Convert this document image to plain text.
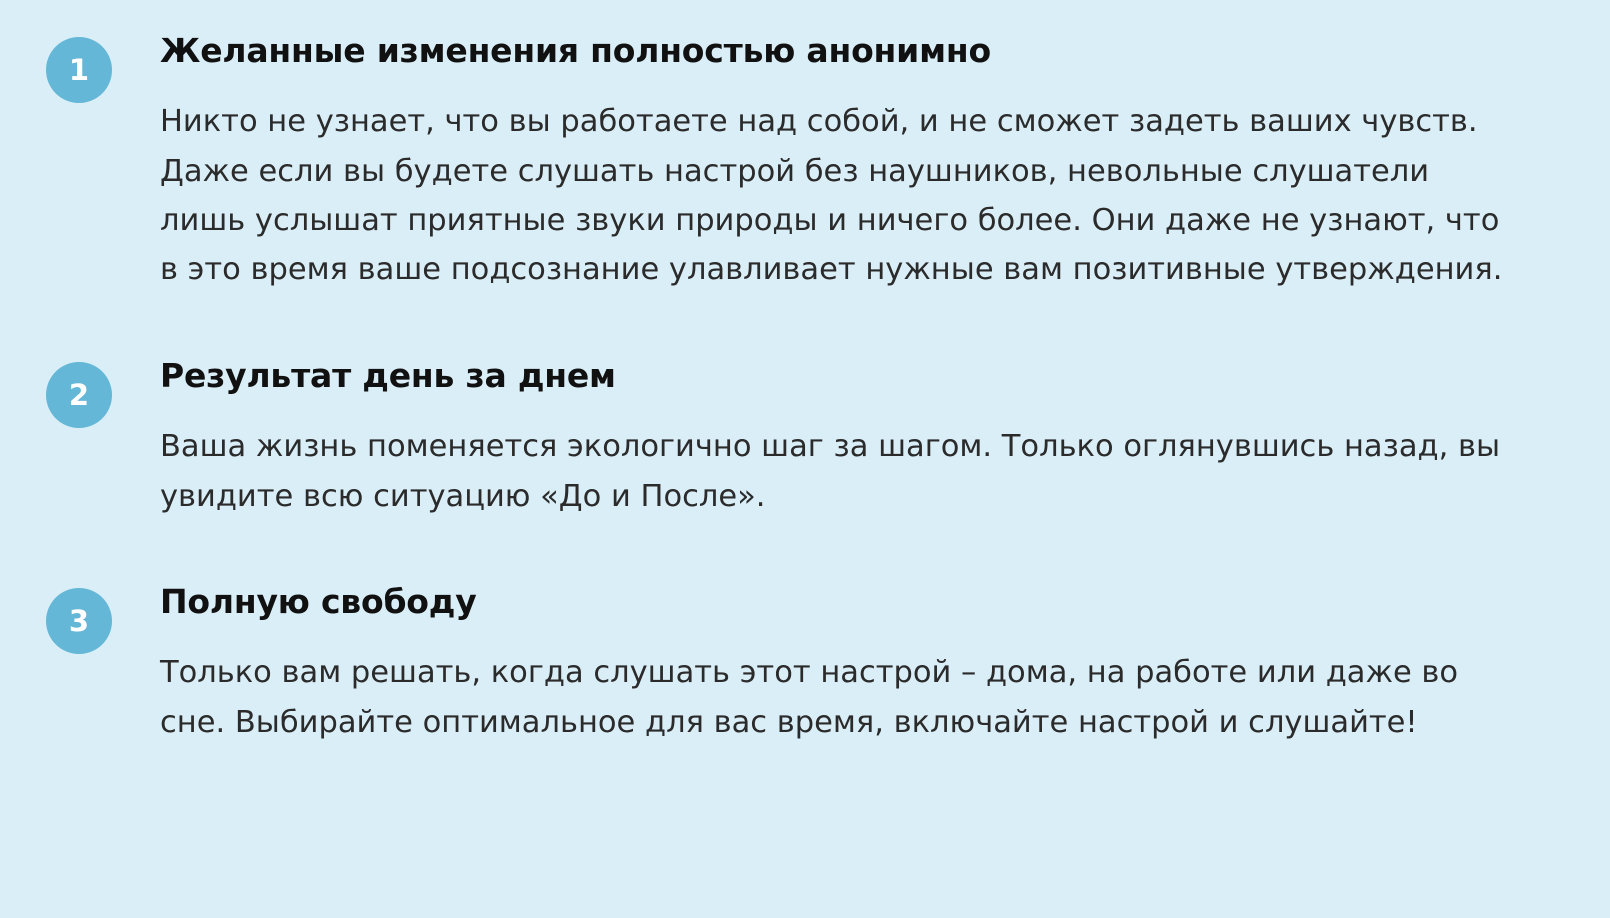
1	Желанные изменения полностью анонимно

Никто не узнает, что вы работаете над собой, и не сможет задеть ваших чувств. Даже если вы будете слушать настрой без наушников, невольные слушатели лишь услышат приятные звуки природы и ничего более. Они даже не узнают, что в это время ваше подсознание улавливает нужные вам позитивные утверждения.

2	Результат день за днем

Ваша жизнь поменяется экологично шаг за шагом. Только оглянувшись назад, вы увидите всю ситуацию «До и После».

3	Полную свободу

Только вам решать, когда слушать этот настрой – дома, на работе или даже во сне. Выбирайте оптимальное для вас время, включайте настрой и слушайте!
